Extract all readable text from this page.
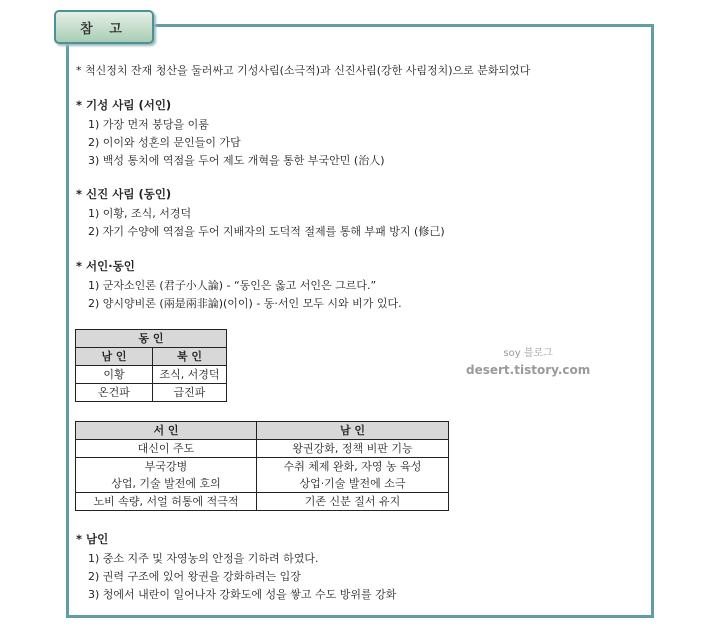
참 고
* 척신정치 잔재 청산을 둘러싸고 기성사림(소극적)과 신진사림(강한 사림정치)으로 분화되었다
* 기성 사림 (서인)
1) 가장 먼저 붕당을 이룸
2) 이이와 성혼의 문인들이 가담
3) 백성 통치에 역점을 두어 제도 개혁을 통한 부국안민 (治人)
* 신진 사림 (동인)
1) 이황, 조식, 서경덕
2) 자기 수양에 역점을 두어 지배자의 도덕적 절제를 통해 부패 방지 (修己)
* 서인·동인
1) 군자소인론 (君子小人論) - “동인은 옳고 서인은 그르다.”
2) 양시양비론 (兩是兩非論)(이이) - 동·서인 모두 시와 비가 있다.
동 인	
남 인	북 인
이황	조식, 서경덕
온건파	급진파
서 인	남 인
대신이 주도	왕권강화, 정책 비판 기능
부국강병	수취 체제 완화, 자영 농 육성
상업, 기술 발전에 호의	상업·기술 발전에 소극
노비 속량, 서얼 허통에 적극적	기존 신분 질서 유지
* 남인
1) 중소 지주 및 자영농의 안정을 기하려 하였다.
2) 권력 구조에 있어 왕권을 강화하려는 입장
3) 청에서 내란이 일어나자 강화도에 성을 쌓고 수도 방위를 강화
soy 블로그
desert.tistory.com
